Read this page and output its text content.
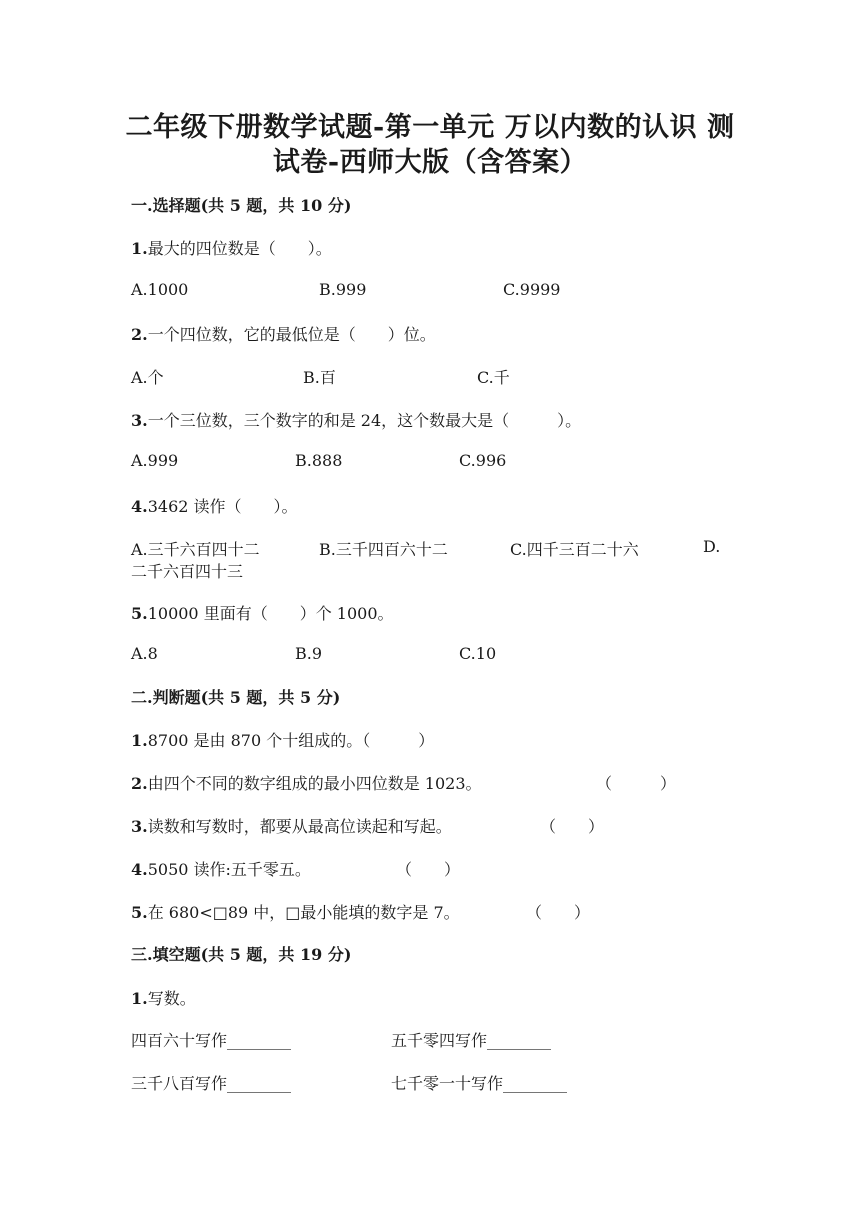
二年级下册数学试题-第一单元 万以内数的认识 测
试卷-西师大版（含答案）
一.选择题(共 5 题，共 10 分)
1.最大的四位数是（　　）。
A.1000	B.999	C.9999
2.一个四位数，它的最低位是（　　）位。
A.个	B.百	C.千
3.一个三位数，三个数字的和是 24，这个数最大是（　　　）。
A.999	B.888	C.996
4.3462 读作（　　）。
A.三千六百四十二	B.三千四百六十二	C.四千三百二十六	D.
二千六百四十三
5.10000 里面有（　　）个 1000。
A.8	B.9	C.10
二.判断题(共 5 题，共 5 分)
1.8700 是由 870 个十组成的。（　　　）
2.由四个不同的数字组成的最小四位数是 1023。	（　　　）
3.读数和写数时，都要从最高位读起和写起。	（　　）
4.5050 读作:五千零五。	（　　）
5.在 680<□89 中，□最小能填的数字是 7。	（　　）
三.填空题(共 5 题，共 19 分)
1.写数。
四百六十写作________	五千零四写作________
三千八百写作________	七千零一十写作________
